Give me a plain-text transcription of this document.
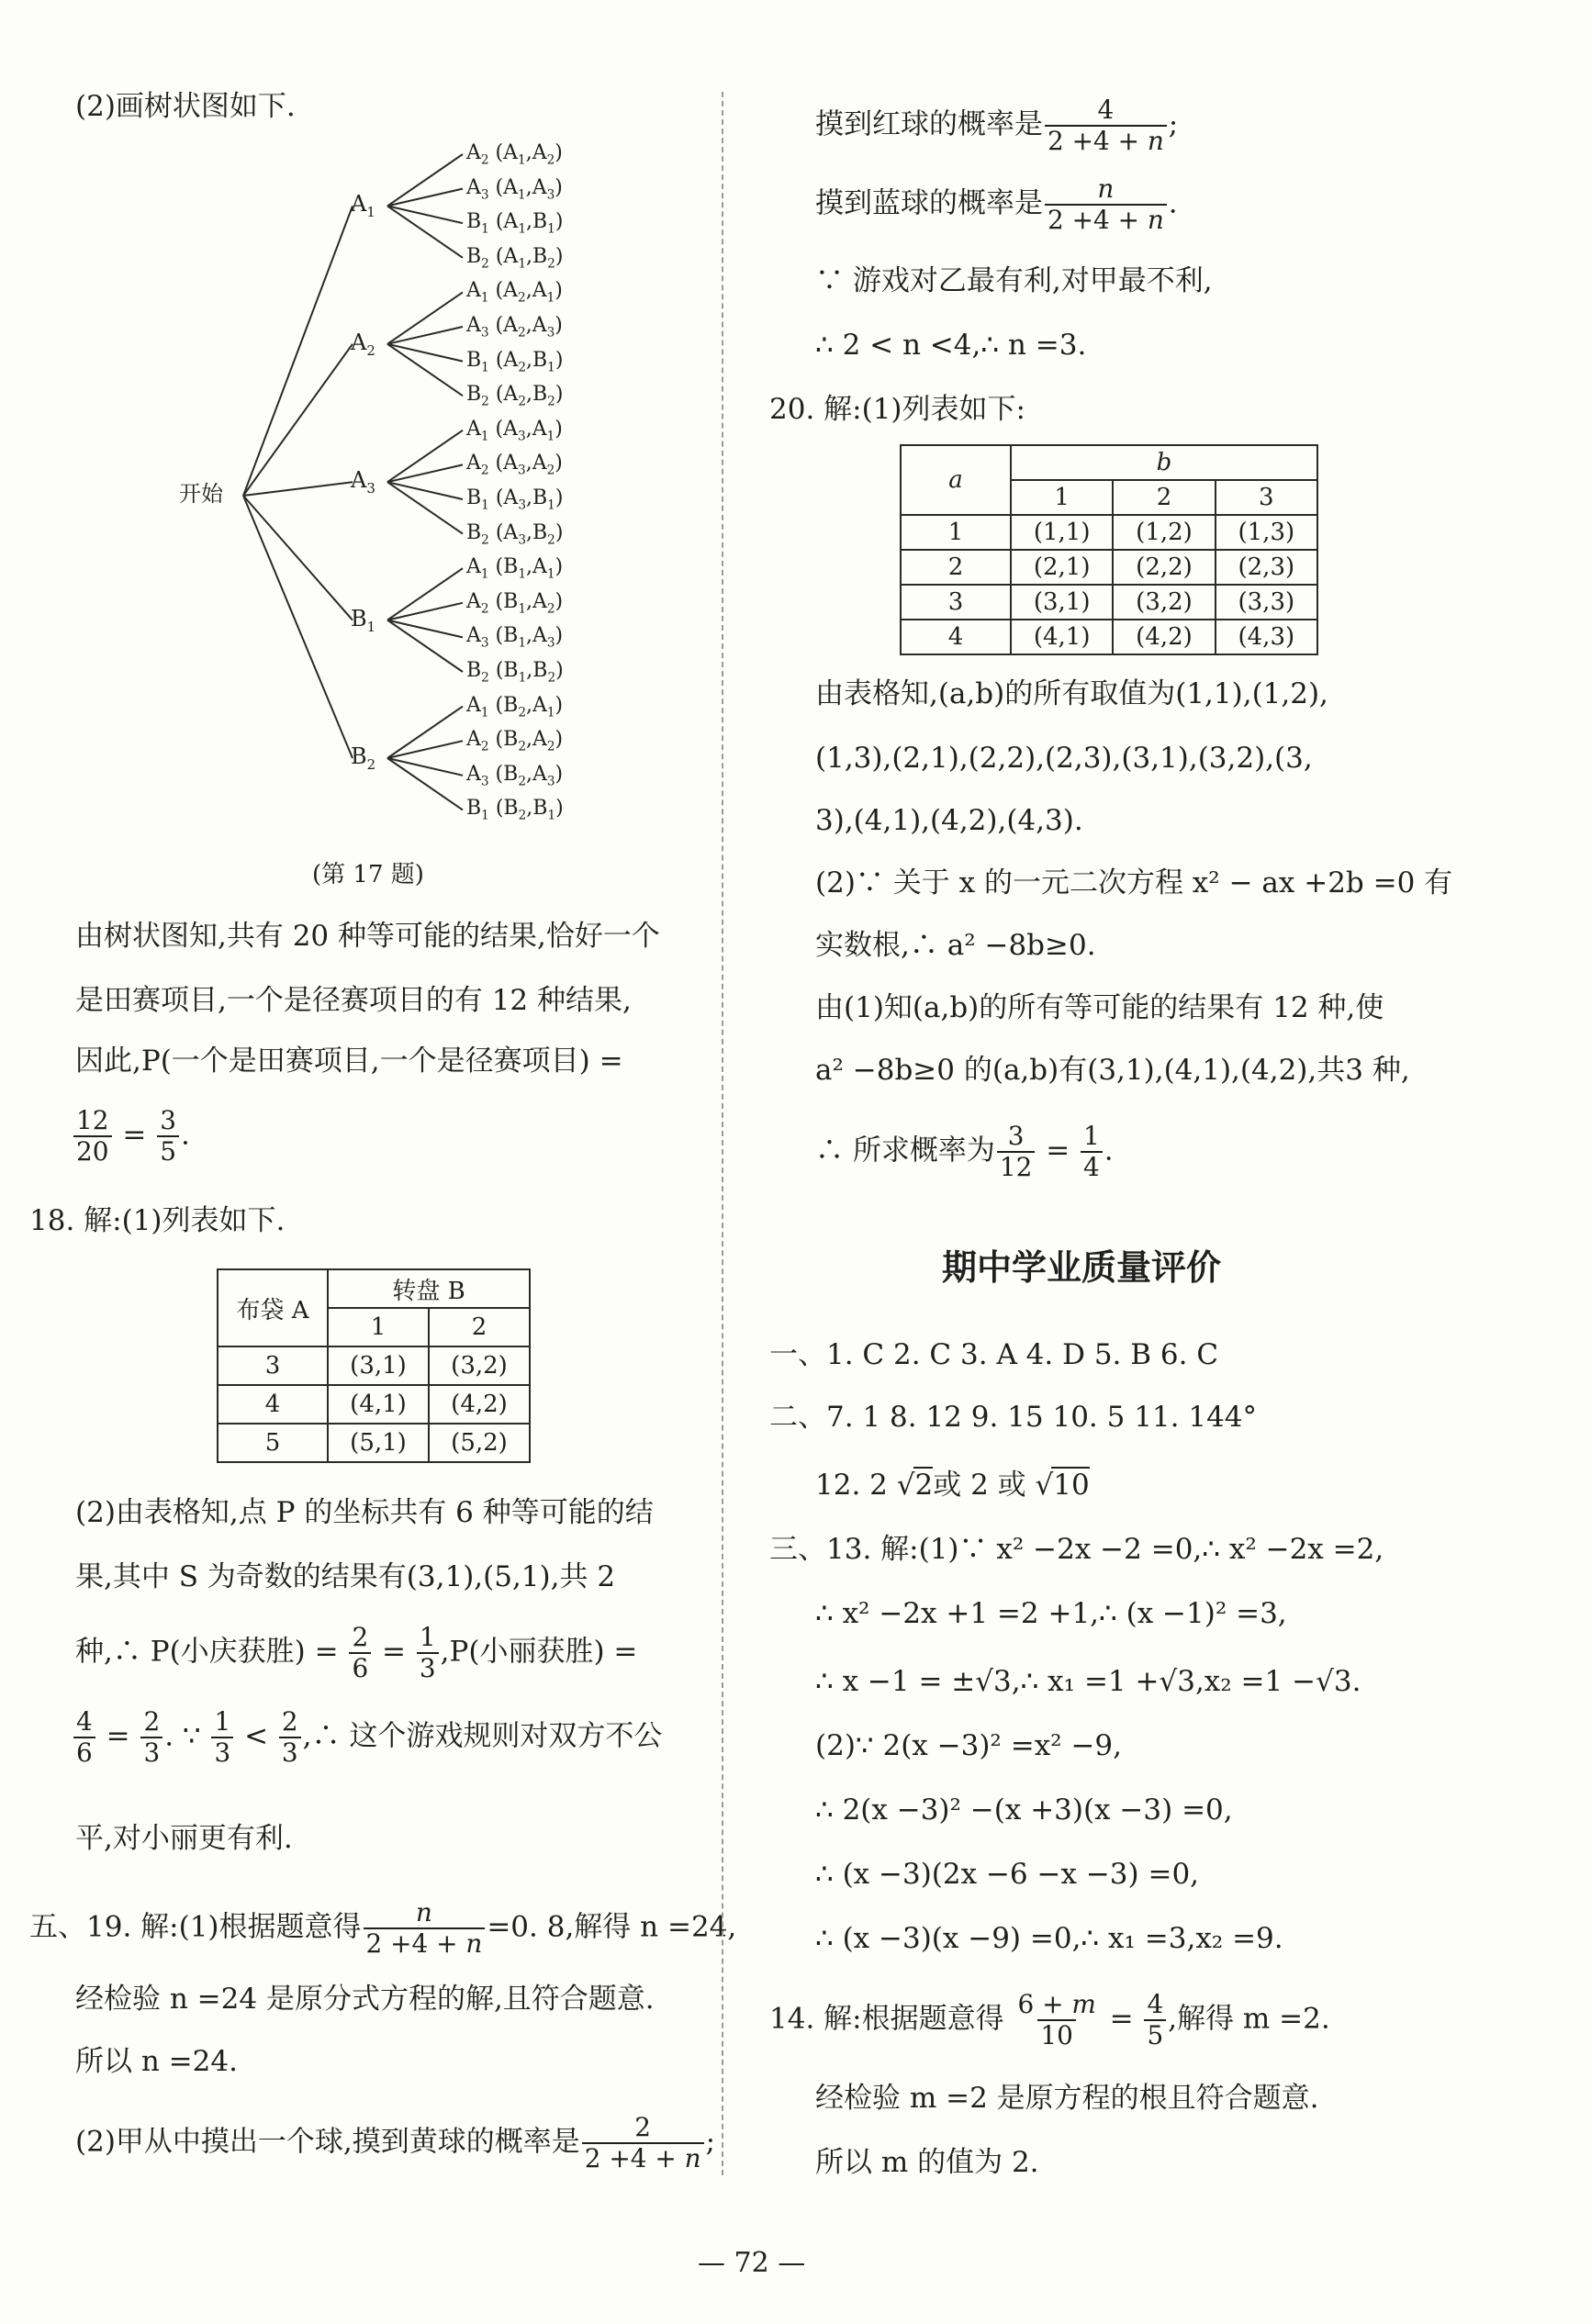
(2)画树状图如下.
开始
$A_1$
$A_2$ $(A_1,A_2)$
$A_3$ $(A_1,A_3)$
$B_1$ $(A_1,B_1)$
$B_2$ $(A_1,B_2)$
$A_2$
$A_1$ $(A_2,A_1)$
$A_3$ $(A_2,A_3)$
$B_1$ $(A_2,B_1)$
$B_2$ $(A_2,B_2)$
$A_3$
$A_1$ $(A_3,A_1)$
$A_2$ $(A_3,A_2)$
$B_1$ $(A_3,B_1)$
$B_2$ $(A_3,B_2)$
$B_1$
$A_1$ $(B_1,A_1)$
$A_2$ $(B_1,A_2)$
$A_3$ $(B_1,A_3)$
$B_2$ $(B_1,B_2)$
$B_2$
$A_1$ $(B_2,A_1)$
$A_2$ $(B_2,A_2)$
$A_3$ $(B_2,A_3)$
$B_1$ $(B_2,B_1)$
(第 17 题)
由树状图知,共有 20 种等可能的结果,恰好一个
是田赛项目,一个是径赛项目的有 12 种结果,
因此,P(一个是田赛项目,一个是径赛项目) =
$\frac{12}{20} = \frac{3}{5}$ .
18. 解:(1)列表如下.
布袋 A	转盘 B	
	1	2
3	(3,1)	(3,2)
4	(4,1)	(4,2)
5	(5,1)	(5,2)
(2)由表格知,点 P 的坐标共有 6 种等可能的结
果,其中 S 为奇数的结果有(3,1),(5,1),共 2
种,∴ P(小庆获胜) = $\frac{2}{6} = \frac{1}{3} ,P$(小丽获胜) =
$\frac{4}{6} = \frac{2}{3}$ . ∵ $\frac{1}{3} < \frac{2}{3}$ ,∴ 这个游戏规则对双方不公
平,对小丽更有利.
五、19. 解:(1)根据题意得 $\frac{n}{2 +4 + n} =0$. 8,解得 n =24,
经检验 n =24 是原分式方程的解,且符合题意.
所以 n =24.
(2)甲从中摸出一个球,摸到黄球的概率是 $\frac{2}{2 +4 + n}$ ;
摸到红球的概率是 $\frac{4}{2 +4 + n}$ ;
摸到蓝球的概率是 $\frac{n}{2 +4 + n}$ .
∵ 游戏对乙最有利,对甲最不利,
∴ 2 < n <4,∴ n =3.
20. 解:(1)列表如下:
a	b		
	1	2	3
1	(1,1)	(1,2)	(1,3)
2	(2,1)	(2,2)	(2,3)
3	(3,1)	(3,2)	(3,3)
4	(4,1)	(4,2)	(4,3)
由表格知,(a,b)的所有取值为(1,1),(1,2),
(1,3),(2,1),(2,2),(2,3),(3,1),(3,2),(3,
3),(4,1),(4,2),(4,3).
(2)∵ 关于 x 的一元二次方程 x² − ax +2b =0 有
实数根,∴ a² −8b≥0.
由(1)知(a,b)的所有等可能的结果有 12 种,使
a² −8b≥0 的(a,b)有(3,1),(4,1),(4,2),共3 种,
∴ 所求概率为 $\frac{3}{12} = \frac{1}{4}$ .
期中学业质量评价
一、1. C 2. C 3. A 4. D 5. B 6. C
二、7. 1 8. 12 9. 15 10. 5 11. 144°
12. 2 √2或 2 或 √10
三、13. 解:(1)∵ x² −2x −2 =0,∴ x² −2x =2,
∴ x² −2x +1 =2 +1,∴ (x −1)² =3,
∴ x −1 = ±√3,∴ x₁ =1 +√3,x₂ =1 −√3.
(2)∵ 2(x −3)² =x² −9,
∴ 2(x −3)² −(x +3)(x −3) =0,
∴ (x −3)(2x −6 −x −3) =0,
∴ (x −3)(x −9) =0,∴ x₁ =3,x₂ =9.
14. 解:根据题意得 $\frac{6 + m}{10} = \frac{4}{5}$ ,解得 m =2.
经检验 m =2 是原方程的根且符合题意.
所以 m 的值为 2.
— 72 —
